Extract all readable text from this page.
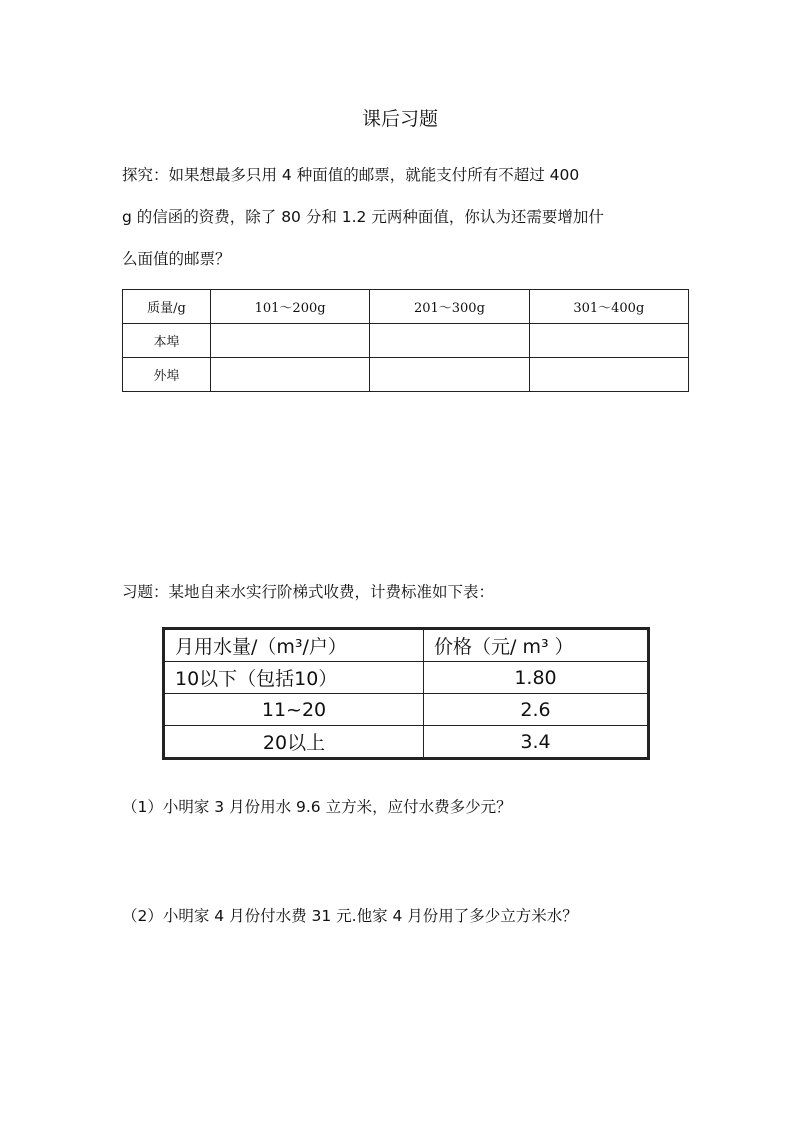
课后习题
探究：如果想最多只用 4 种面值的邮票，就能支付所有不超过 400
g 的信函的资费，除了 80 分和 1.2 元两种面值，你认为还需要增加什
么面值的邮票？
质量/g	101～200g	201～300g	301～400g
本埠			
外埠			
习题：某地自来水实行阶梯式收费，计费标准如下表：
月用水量/（m³/户）	价格（元/ m³ ）
10以下（包括10）	1.80
11~20	2.6
20以上	3.4
（1）小明家 3 月份用水 9.6 立方米，应付水费多少元？
（2）小明家 4 月份付水费 31 元.他家 4 月份用了多少立方米水？
